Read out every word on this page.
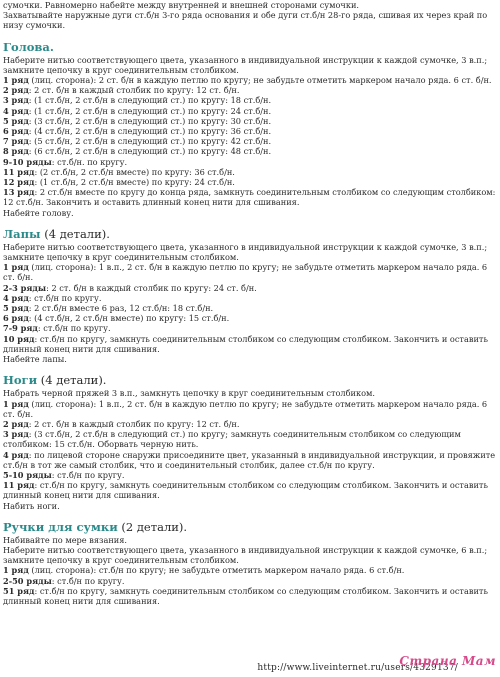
сумочки. Равномерно набейте между внутренней и внешней сторонами сумочки.

Захватывайте наружные дуги ст.б/н 3-го ряда основания и обе дуги ст.б/н 28-го ряда, сшивая их через край по низу сумочки.

Голова.

Наберите нитью соответствующего цвета, указанного в индивидуальной инструкции к каждой сумочке, 3 в.п.; замкните цепочку в круг соединительным столбиком.

1 ряд (лиц. сторона): 2 ст. б/н в каждую петлю по кругу; не забудьте отметить маркером начало ряда. 6 ст. б/н.

2 ряд: 2 ст. б/н в каждый столбик по кругу: 12 ст. б/н.

3 ряд: (1 ст.б/н, 2 ст.б/н в следующий ст.) по кругу: 18 ст.б/н.

4 ряд: (1 ст.б/н, 2 ст.б/н в следующий ст.) по кругу: 24 ст.б/н.

5 ряд: (3 ст.б/н, 2 ст.б/н в следующий ст.) по кругу: 30 ст.б/н.

6 ряд: (4 ст.б/н, 2 ст.б/н в следующий ст.) по кругу: 36 ст.б/н.

7 ряд: (5 ст.б/н, 2 ст.б/н в следующий ст.) по кругу: 42 ст.б/н.

8 ряд: (6 ст.б/н, 2 ст.б/н в следующий ст.) по кругу: 48 ст.б/н.

9-10 ряды: ст.б/н. по кругу.

11 ряд: (2 ст.б/н, 2 ст.б/н вместе) по кругу: 36 ст.б/н.

12 ряд: (1 ст.б/н, 2 ст.б/н вместе) по кругу: 24 ст.б/н.

13 ряд: 2 ст.б/н вместе по кругу до конца ряда, замкнуть соединительным столбиком со следующим столбиком: 12 ст.б/н. Закончить и оставить длинный конец нити для сшивания.

Набейте голову.

Лапы (4 детали).

Наберите нитью соответствующего цвета, указанного в индивидуальной инструкции к каждой сумочке, 3 в.п.; замкните цепочку в круг соединительным столбиком.

1 ряд (лиц. сторона): 1 в.п., 2 ст. б/н в каждую петлю по кругу; не забудьте отметить маркером начало ряда. 6 ст. б/н.

2-3 ряды: 2 ст. б/н в каждый столбик по кругу: 24 ст. б/н.

4 ряд: ст.б/н по кругу.

5 ряд: 2 ст.б/н вместе 6 раз, 12 ст.б/н: 18 ст.б/н.

6 ряд: (4 ст.б/н, 2 ст.б/н вместе) по кругу: 15 ст.б/н.

7-9 ряд: ст.б/н по кругу.

10 ряд: ст.б/н по кругу, замкнуть соединительным столбиком со следующим столбиком. Закончить и оставить длинный конец нити для сшивания.

Набейте лапы.

Ноги (4 детали).

Набрать черной пряжей 3 в.п., замкнуть цепочку в круг соединительным столбиком.

1 ряд (лиц. сторона): 1 в.п., 2 ст. б/н в каждую петлю по кругу; не забудьте отметить маркером начало ряда. 6 ст. б/н.

2 ряд: 2 ст. б/н в каждый столбик по кругу: 12 ст. б/н.

3 ряд: (3 ст.б/н, 2 ст.б/н в следующий ст.) по кругу; замкнуть соединительным столбиком со следующим столбиком: 15 ст.б/н. Оборвать черную нить.

4 ряд: по лицевой стороне снаружи присоедините цвет, указанный в индивидуальной инструкции, и провяжите ст.б/н в тот же самый столбик, что и соединительный столбик, далее ст.б/н по кругу.

5-10 ряды: ст.б/н по кругу.

11 ряд: ст.б/н по кругу, замкнуть соединительным столбиком со следующим столбиком. Закончить и оставить длинный конец нити для сшивания.

Набить ноги.

Ручки для сумки (2 детали).

Набивайте по мере вязания.

Наберите нитью соответствующего цвета, указанного в индивидуальной инструкции к каждой сумочке, 6 в.п.; замкните цепочку в круг соединительным столбиком.

1 ряд (лиц. сторона): ст.б/н по кругу; не забудьте отметить маркером начало ряда. 6 ст.б/н.

2-50 ряды: ст.б/н по кругу.

51 ряд: ст.б/н по кругу, замкнуть соединительным столбиком со следующим столбиком. Закончить и оставить длинный конец нити для сшивания.

http://www.liveinternet.ru/users/4329137/
Страна Мам
